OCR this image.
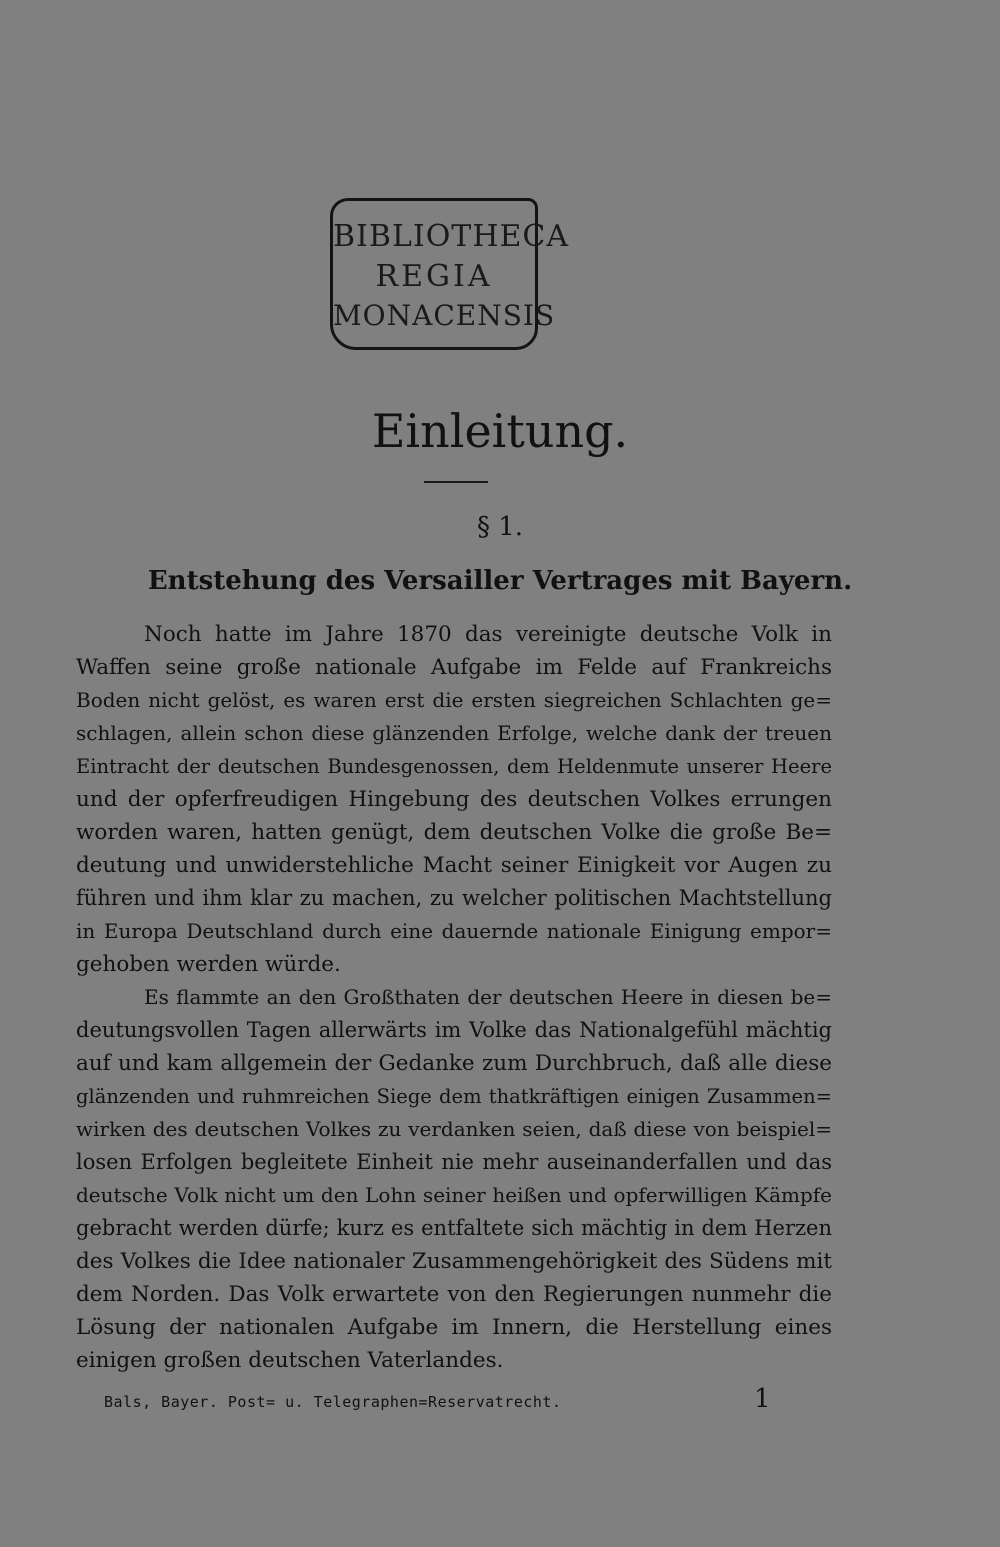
BIBLIOTHECA
REGIA
MONACENSIS
Einleitung.
§ 1.
Entstehung des Versailler Vertrages mit Bayern.
Noch hatte im Jahre 1870 das vereinigte deutsche Volk in
Waffen seine große nationale Aufgabe im Felde auf Frankreichs
Boden nicht gelöst, es waren erst die ersten siegreichen Schlachten ge=
schlagen, allein schon diese glänzenden Erfolge, welche dank der treuen
Eintracht der deutschen Bundesgenossen, dem Heldenmute unserer Heere
und der opferfreudigen Hingebung des deutschen Volkes errungen
worden waren, hatten genügt, dem deutschen Volke die große Be=
deutung und unwiderstehliche Macht seiner Einigkeit vor Augen zu
führen und ihm klar zu machen, zu welcher politischen Machtstellung
in Europa Deutschland durch eine dauernde nationale Einigung empor=
gehoben werden würde.
Es flammte an den Großthaten der deutschen Heere in diesen be=
deutungsvollen Tagen allerwärts im Volke das Nationalgefühl mächtig
auf und kam allgemein der Gedanke zum Durchbruch, daß alle diese
glänzenden und ruhmreichen Siege dem thatkräftigen einigen Zusammen=
wirken des deutschen Volkes zu verdanken seien, daß diese von beispiel=
losen Erfolgen begleitete Einheit nie mehr auseinanderfallen und das
deutsche Volk nicht um den Lohn seiner heißen und opferwilligen Kämpfe
gebracht werden dürfe; kurz es entfaltete sich mächtig in dem Herzen
des Volkes die Idee nationaler Zusammengehörigkeit des Südens mit
dem Norden. Das Volk erwartete von den Regierungen nunmehr die
Lösung der nationalen Aufgabe im Innern, die Herstellung eines
einigen großen deutschen Vaterlandes.
Bals, Bayer. Post= u. Telegraphen=Reservatrecht.	1
